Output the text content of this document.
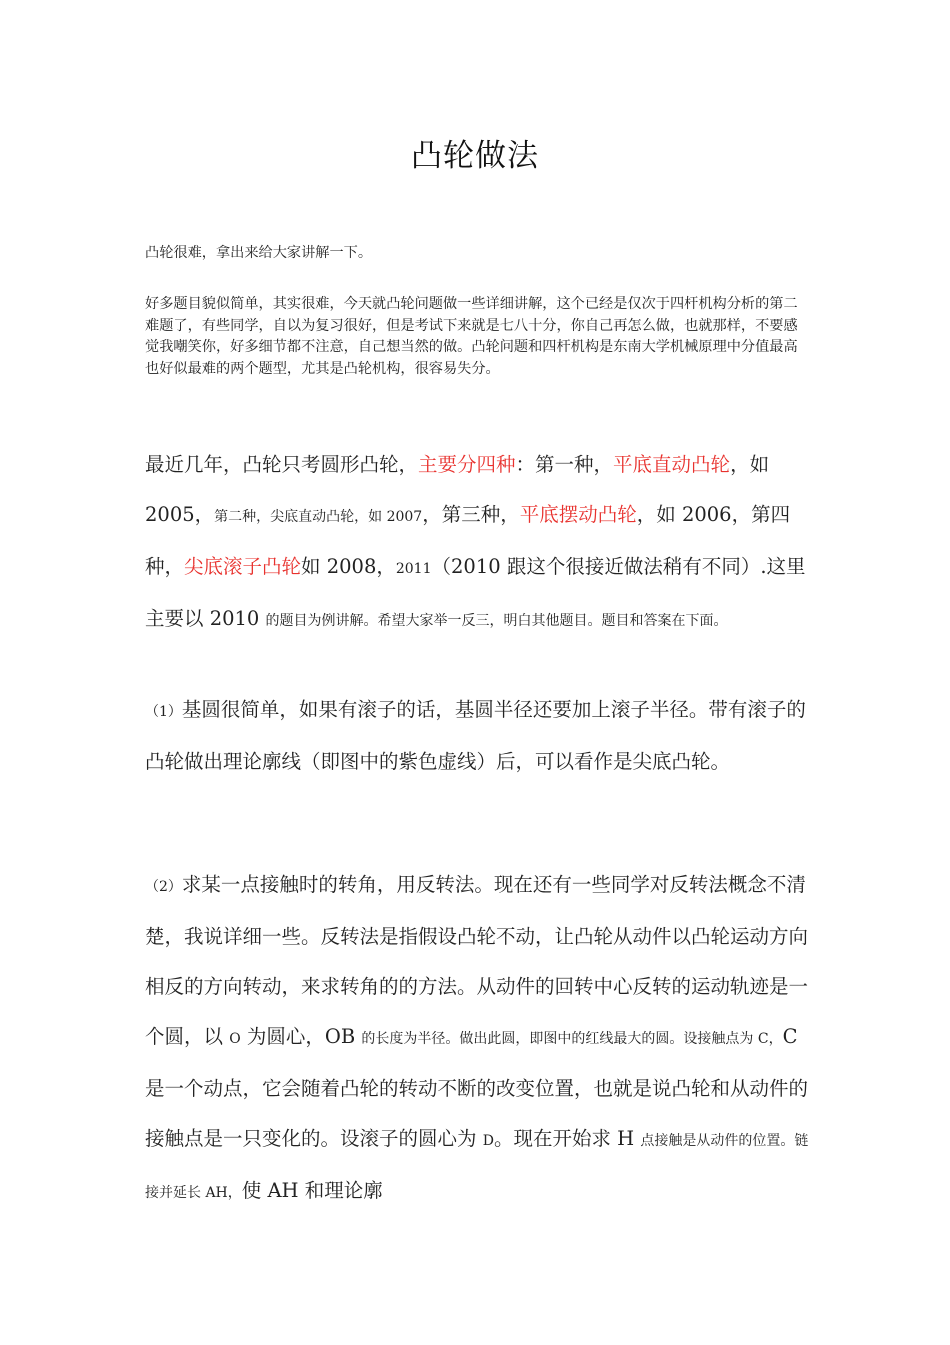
凸轮做法

凸轮很难，拿出来给大家讲解一下。

好多题目貌似简单，其实很难，今天就凸轮问题做一些详细讲解，这个已经是仅次于四杆机构分析的第二难题了，有些同学，自以为复习很好，但是考试下来就是七八十分，你自己再怎么做，也就那样，不要感觉我嘲笑你，好多细节都不注意，自己想当然的做。凸轮问题和四杆机构是东南大学机械原理中分值最高也好似最难的两个题型，尤其是凸轮机构，很容易失分。

最近几年，凸轮只考圆形凸轮，主要分四种：第一种，平底直动凸轮，如 2005，第二种，尖底直动凸轮，如 2007，第三种，平底摆动凸轮，如 2006，第四种，尖底滚子凸轮如 2008，2011（2010 跟这个很接近做法稍有不同）.这里主要以 2010 的题目为例讲解。希望大家举一反三，明白其他题目。题目和答案在下面。

（1）基圆很简单，如果有滚子的话，基圆半径还要加上滚子半径。带有滚子的凸轮做出理论廓线（即图中的紫色虚线）后，可以看作是尖底凸轮。

（2）求某一点接触时的转角，用反转法。现在还有一些同学对反转法概念不清楚，我说详细一些。反转法是指假设凸轮不动，让凸轮从动件以凸轮运动方向相反的方向转动，来求转角的的方法。从动件的回转中心反转的运动轨迹是一个圆，以 O 为圆心，OB 的长度为半径。做出此圆，即图中的红线最大的圆。设接触点为 C，C 是一个动点，它会随着凸轮的转动不断的改变位置，也就是说凸轮和从动件的接触点是一只变化的。设滚子的圆心为 D。现在开始求 H 点接触是从动件的位置。链接并延长 AH，使 AH 和理论廓
